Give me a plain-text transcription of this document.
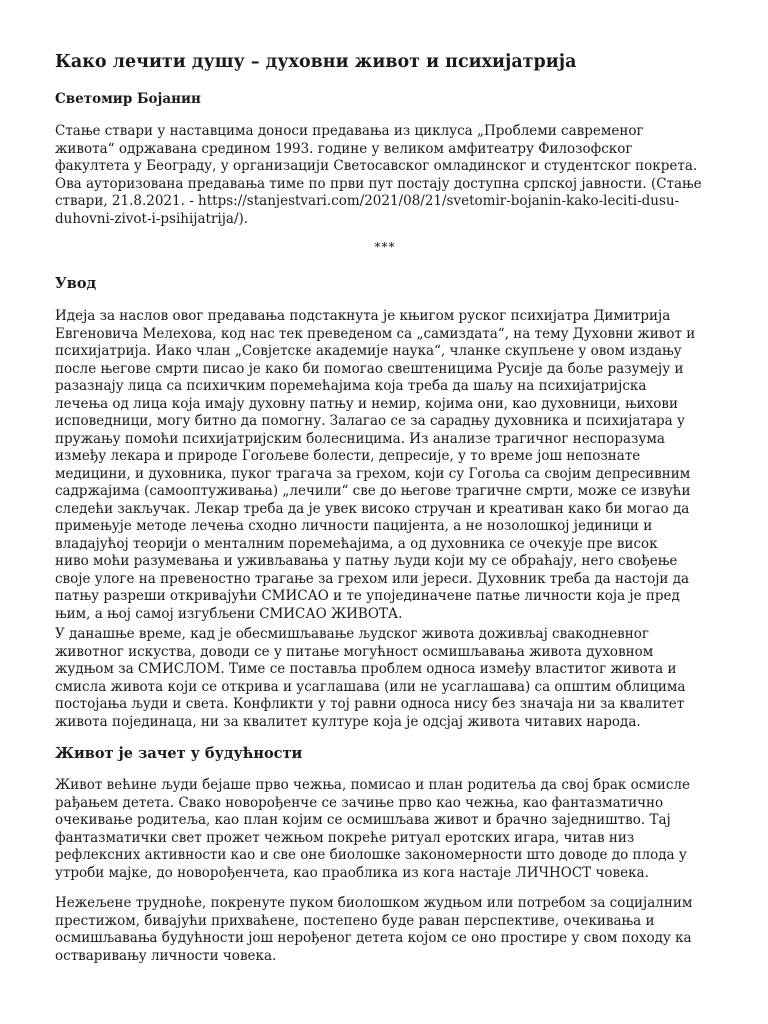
Како лечити душу – духовни живот и психијатрија
Светомир Бојанин
Стање ствари у наставцима доноси предавања из циклуса „Проблеми савременог
живота“ одржавана средином 1993. године у великом амфитеатру Филозофског
факултета у Београду, у организацији Светосавског омладинског и студентског покрета.
Ова ауторизована предавања тиме по први пут постају доступна српској јавности. (Стање
ствари, 21.8.2021. - https://stanjestvari.com/2021/08/21/svetomir-bojanin-kako-leciti-dusu-
duhovni-zivot-i-psihijatrija/).
***
Увод
Идеја за наслов овог предавања подстакнута је књигом руског психијатра Димитрија
Евгеновича Мелехова, код нас тек преведеном са „самиздата“, на тему Духовни живот и
психијатрија. Иако члан „Совјетске академије наука“, чланке скупљене у овом издању
после његове смрти писао је како би помогао свештеницима Русије да боље разумеју и
разазнају лица са психичким поремећајима која треба да шаљу на психијатријска
лечења од лица која имају духовну патњу и немир, којима они, као духовници, њихови
исповедници, могу битно да помогну. Залагао се за сарадњу духовника и психијатара у
пружању помоћи психијатријским болесницима. Из анализе трагичног неспоразума
између лекара и природе Гогољеве болести, депресије, у то време још непознате
медицини, и духовника, пуког трагача за грехом, који су Гогоља са својим депресивним
садржајима (самооптуживања) „лечили“ све до његове трагичне смрти, може се извући
следећи закључак. Лекар треба да је увек високо стручан и креативан како би могао да
примењује методе лечења сходно личности пацијента, а не нозолошкој јединици и
владајућој теорији о менталним поремећајима, а од духовника се очекује пре висок
ниво моћи разумевања и уживљавања у патњу људи који му се обраћају, него свођење
своје улоге на превеностно трагање за грехом или јереси. Духовник треба да настоји да
патњу разреши откривајући СМИСАО и те упојединачене патње личности која је пред
њим, а њој самој изгубљени СМИСАО ЖИВОТА.
У данашње време, кад је обесмишљавање људског живота доживљај свакодневног
животног искуства, доводи се у питање могућност осмишљавања живота духовном
жудњом за СМИСЛОМ. Тиме се поставља проблем односа између властитог живота и
смисла живота који се открива и усаглашава (или не усаглашава) са општим облицима
постојања људи и света. Конфликти у тој равни односа нису без значаја ни за квалитет
живота појединаца, ни за квалитет културе која је одсјај живота читавих народа.
Живот је зачет у будућности
Живот већине људи бејаше прво чежња, помисао и план родитеља да свој брак осмисле
рађањем детета. Свако новорођенче се зачиње прво као чежња, као фантазматично
очекивање родитеља, као план којим се осмишљава живот и брачно заједништво. Тај
фантазматички свет прожет чежњом покреће ритуал еротских игара, читав низ
рефлексних активности као и све оне биолошке закономерности што доводе до плода у
утроби мајке, до новорођенчета, као праоблика из кога настаје ЛИЧНОСТ човека.
Нежељене трудноће, покренуте пуком биолошком жудњом или потребом за социјалним
престижом, бивајући прихваћене, постепено буде раван перспективе, очекивања и
осмишљавања будућности још нерођеног детета којом се оно простире у свом походу ка
остваривању личности човека.
